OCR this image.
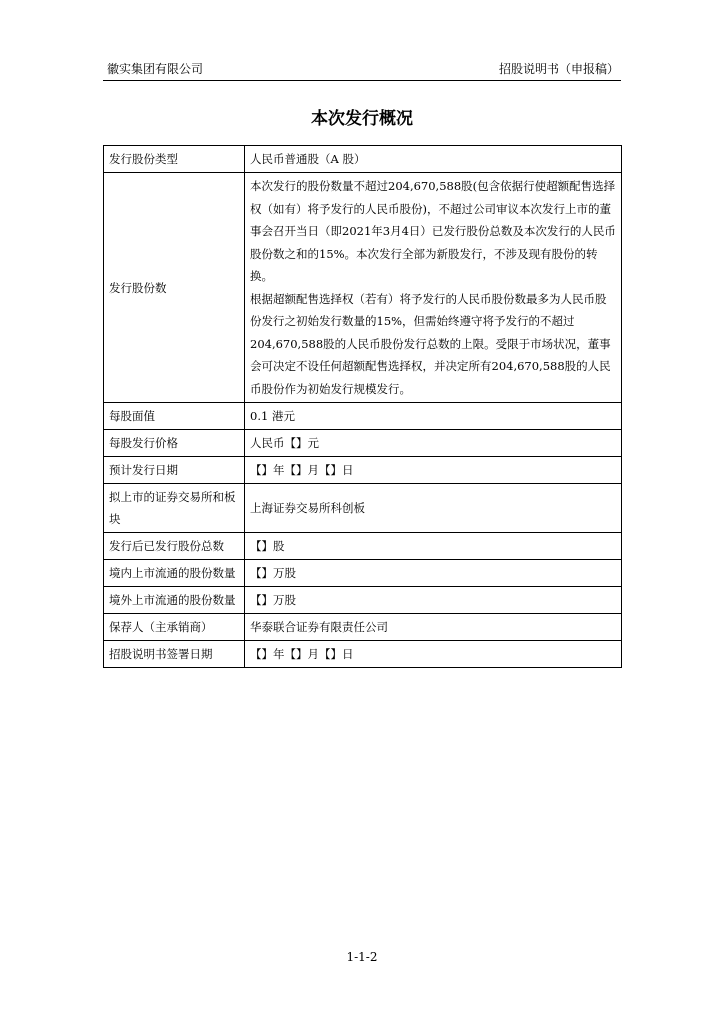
徽实集团有限公司	招股说明书（申报稿）
本次发行概况
发行股份类型	人民币普通股（A 股）
发行股份数	本次发行的股份数量不超过204,670,588股(包含依据行使超额配售选择权（如有）将予发行的人民币股份)，不超过公司审议本次发行上市的董事会召开当日（即2021年3月4日）已发行股份总数及本次发行的人民币股份数之和的15%。本次发行全部为新股发行，不涉及现有股份的转换。
根据超额配售选择权（若有）将予发行的人民币股份数最多为人民币股份发行之初始发行数量的15%，但需始终遵守将予发行的不超过204,670,588股的人民币股份发行总数的上限。受限于市场状况，董事会可决定不设任何超额配售选择权，并决定所有204,670,588股的人民币股份作为初始发行规模发行。

每股面值	0.1 港元
每股发行价格	人民币【】元
预计发行日期	【】年【】月【】日
拟上市的证券交易所和板块	上海证券交易所科创板
发行后已发行股份总数	【】股
境内上市流通的股份数量	【】万股
境外上市流通的股份数量	【】万股
保荐人（主承销商）	华泰联合证券有限责任公司
招股说明书签署日期	【】年【】月【】日
1-1-2
